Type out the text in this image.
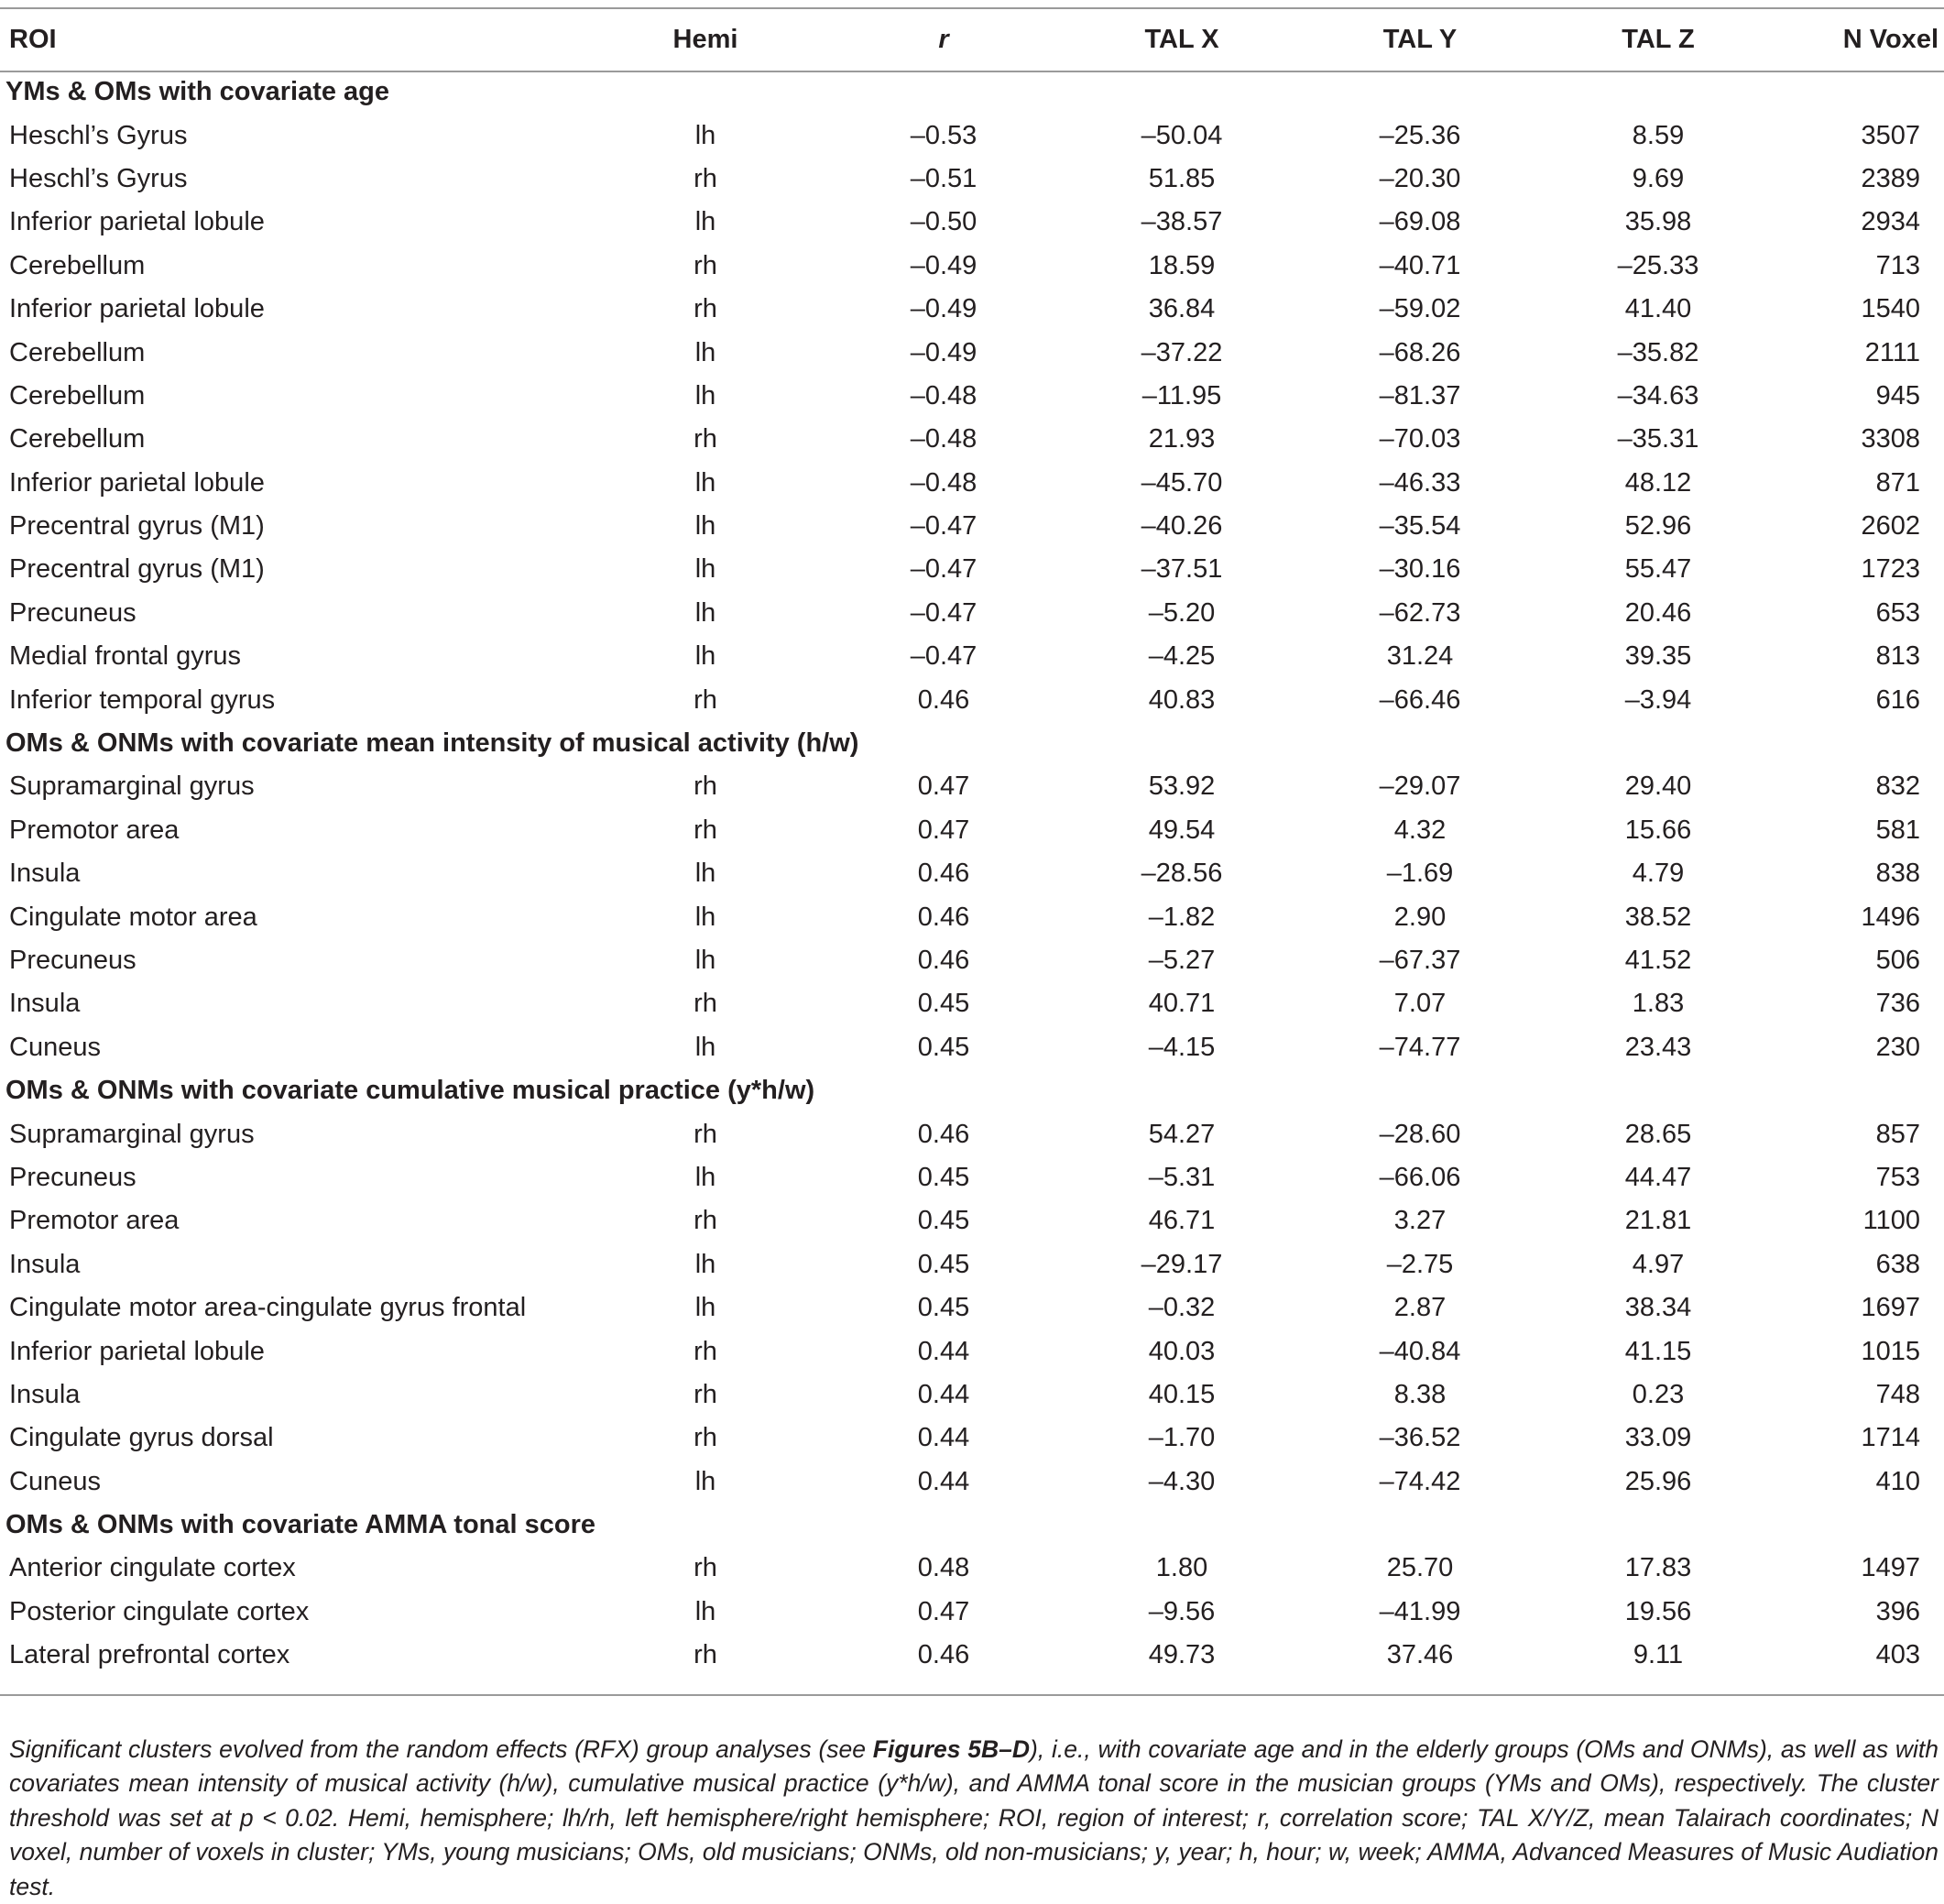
ROI	Hemi	r	TAL X	TAL Y	TAL Z	N Voxel
YMs & OMs with covariate age						
Heschl’s Gyrus	lh	–0.53	–50.04	–25.36	8.59	3507
Heschl’s Gyrus	rh	–0.51	51.85	–20.30	9.69	2389
Inferior parietal lobule	lh	–0.50	–38.57	–69.08	35.98	2934
Cerebellum	rh	–0.49	18.59	–40.71	–25.33	713
Inferior parietal lobule	rh	–0.49	36.84	–59.02	41.40	1540
Cerebellum	lh	–0.49	–37.22	–68.26	–35.82	2111
Cerebellum	lh	–0.48	–11.95	–81.37	–34.63	945
Cerebellum	rh	–0.48	21.93	–70.03	–35.31	3308
Inferior parietal lobule	lh	–0.48	–45.70	–46.33	48.12	871
Precentral gyrus (M1)	lh	–0.47	–40.26	–35.54	52.96	2602
Precentral gyrus (M1)	lh	–0.47	–37.51	–30.16	55.47	1723
Precuneus	lh	–0.47	–5.20	–62.73	20.46	653
Medial frontal gyrus	lh	–0.47	–4.25	31.24	39.35	813
Inferior temporal gyrus	rh	0.46	40.83	–66.46	–3.94	616
OMs & ONMs with covariate mean intensity of musical activity (h/w)						
Supramarginal gyrus	rh	0.47	53.92	–29.07	29.40	832
Premotor area	rh	0.47	49.54	4.32	15.66	581
Insula	lh	0.46	–28.56	–1.69	4.79	838
Cingulate motor area	lh	0.46	–1.82	2.90	38.52	1496
Precuneus	lh	0.46	–5.27	–67.37	41.52	506
Insula	rh	0.45	40.71	7.07	1.83	736
Cuneus	lh	0.45	–4.15	–74.77	23.43	230
OMs & ONMs with covariate cumulative musical practice (y*h/w)						
Supramarginal gyrus	rh	0.46	54.27	–28.60	28.65	857
Precuneus	lh	0.45	–5.31	–66.06	44.47	753
Premotor area	rh	0.45	46.71	3.27	21.81	1100
Insula	lh	0.45	–29.17	–2.75	4.97	638
Cingulate motor area-cingulate gyrus frontal	lh	0.45	–0.32	2.87	38.34	1697
Inferior parietal lobule	rh	0.44	40.03	–40.84	41.15	1015
Insula	rh	0.44	40.15	8.38	0.23	748
Cingulate gyrus dorsal	rh	0.44	–1.70	–36.52	33.09	1714
Cuneus	lh	0.44	–4.30	–74.42	25.96	410
OMs & ONMs with covariate AMMA tonal score						
Anterior cingulate cortex	rh	0.48	1.80	25.70	17.83	1497
Posterior cingulate cortex	lh	0.47	–9.56	–41.99	19.56	396
Lateral prefrontal cortex	rh	0.46	49.73	37.46	9.11	403

Significant clusters evolved from the random effects (RFX) group analyses (see Figures 5B–D), i.e., with covariate age and in the elderly groups (OMs and ONMs), as well as with covariates mean intensity of musical activity (h/w), cumulative musical practice (y*h/w), and AMMA tonal score in the musician groups (YMs and OMs), respectively. The cluster threshold was set at p < 0.02. Hemi, hemisphere; lh/rh, left hemisphere/right hemisphere; ROI, region of interest; r, correlation score; TAL X/Y/Z, mean Talairach coordinates; N voxel, number of voxels in cluster; YMs, young musicians; OMs, old musicians; ONMs, old non-musicians; y, year; h, hour; w, week; AMMA, Advanced Measures of Music Audiation test.
